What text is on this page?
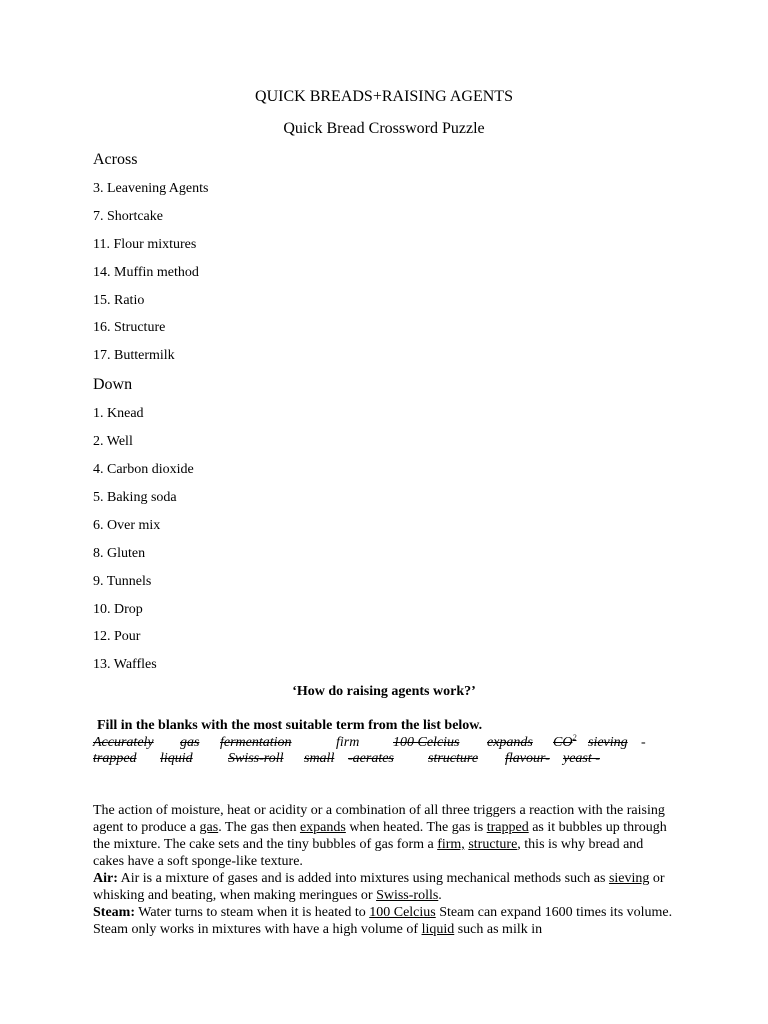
QUICK BREADS+RAISING AGENTS
Quick Bread Crossword Puzzle
Across
3. Leavening Agents
7. Shortcake
11. Flour mixtures
14. Muffin method
15. Ratio
16. Structure
17. Buttermilk
Down
1. Knead
2. Well
4. Carbon dioxide
5. Baking soda
6. Over mix
8. Gluten
9. Tunnels
10. Drop
12. Pour
13. Waffles
‘How do raising agents work?’
Fill in the blanks with the most suitable term from the list below.
Accurately gas fermentation	firm 100 Celcius expands $CO^2$ sieving -
trapped liquid	Swiss-roll small -aerates structure flavour- yeast -
The action of moisture, heat or acidity or a combination of all three triggers a reaction with the raising agent to produce a gas. The gas then expands when heated. The gas is trapped as it bubbles up through the mixture. The cake sets and the tiny bubbles of gas form a firm, structure, this is why bread and cakes have a soft sponge-like texture.
Air: Air is a mixture of gases and is added into mixtures using mechanical methods such as sieving or whisking and beating, when making meringues or Swiss-rolls.
Steam: Water turns to steam when it is heated to 100 Celcius Steam can expand 1600 times its volume. Steam only works in mixtures with have a high volume of liquid such as milk in
